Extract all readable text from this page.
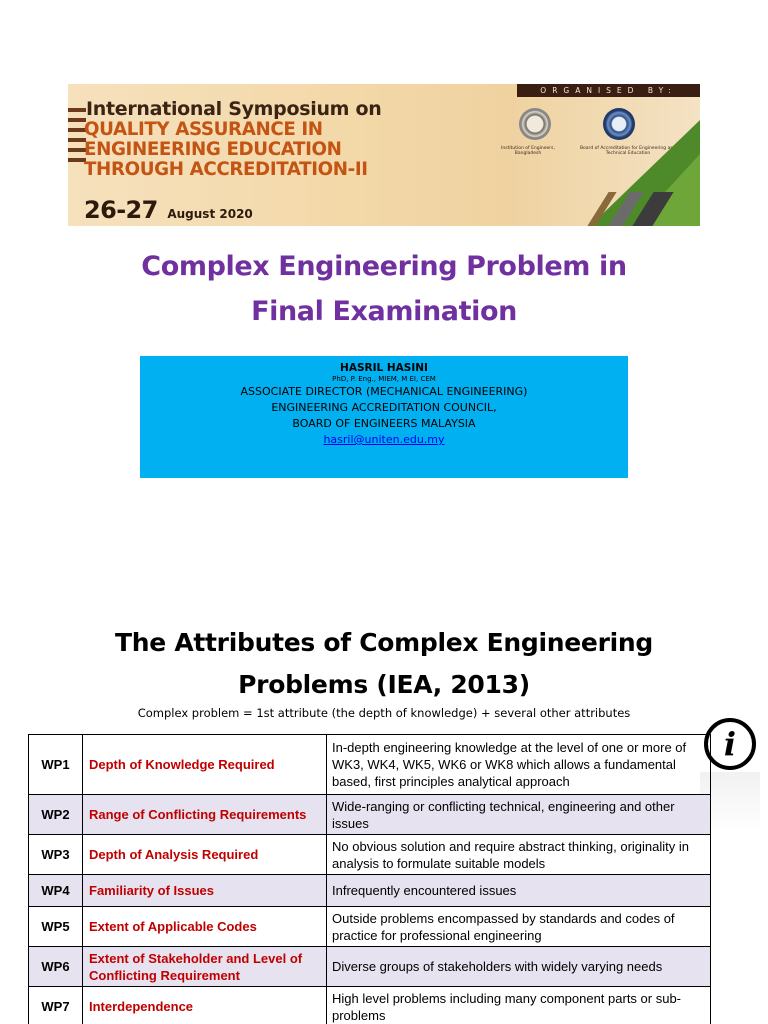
International Symposium on
QUALITY ASSURANCE IN
ENGINEERING EDUCATION
THROUGH ACCREDITATION-II
26-27 August 2020
ORGANISED BY:
Institution of Engineers, Bangladesh
Board of Accreditation for Engineering and Technical Education
Complex Engineering Problem in
Final Examination
HASRIL HASINI
PhD, P. Eng., MIEM, M EI, CEM
ASSOCIATE DIRECTOR (MECHANICAL ENGINEERING)
ENGINEERING ACCREDITATION COUNCIL,
BOARD OF ENGINEERS MALAYSIA
hasril@uniten.edu.my
The Attributes of Complex Engineering
Problems (IEA, 2013)
Complex problem = 1st attribute (the depth of knowledge) + several other attributes
i
WP1	Depth of Knowledge Required	In-depth engineering knowledge at the level of one or more of WK3, WK4, WK5, WK6 or WK8 which allows a fundamental based, first principles analytical approach
WP2	Range of Conflicting Requirements	Wide-ranging or conflicting technical, engineering and other issues
WP3	Depth of Analysis Required	No obvious solution and require abstract thinking, originality in analysis to formulate suitable models
WP4	Familiarity of Issues	Infrequently encountered issues
WP5	Extent of Applicable Codes	Outside problems encompassed by standards and codes of practice for professional engineering
WP6	Extent of Stakeholder and Level of Conflicting Requirement	Diverse groups of stakeholders with widely varying needs
WP7	Interdependence	High level problems including many component parts or sub-problems
